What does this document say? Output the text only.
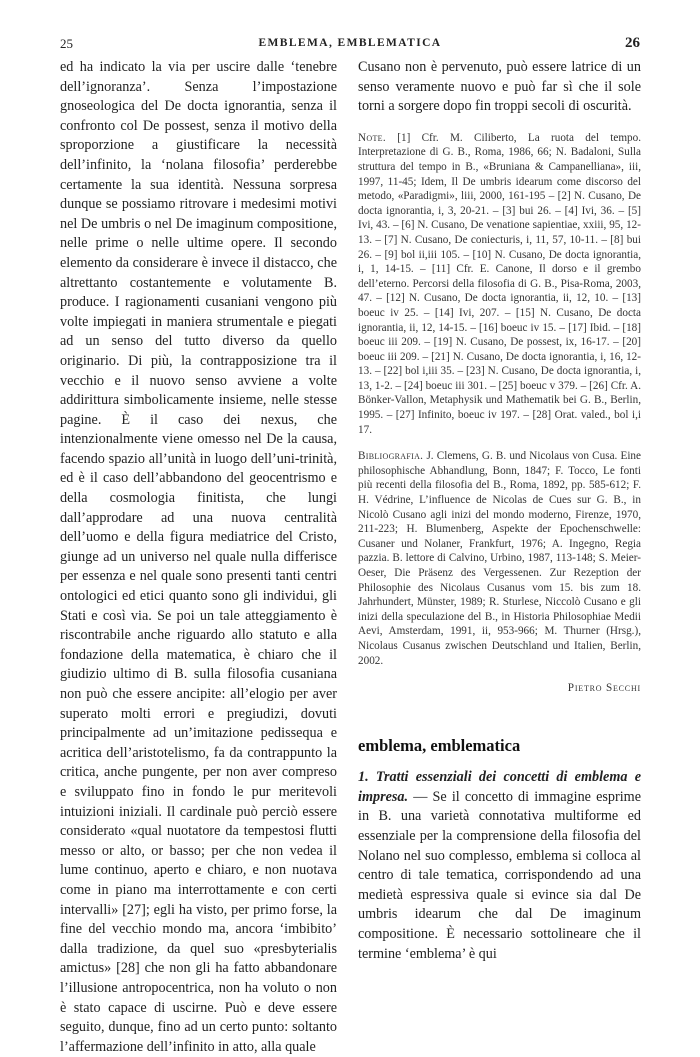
25	EMBLEMA, EMBLEMATICA	26

ed ha indicato la via per uscire dalle ‘tenebre dell’ignoranza’. Senza l’impostazione gnoseologica del De docta ignorantia, senza il confronto col De possest, senza il motivo della sproporzione a giustificare la necessità dell’infinito, la ‘nolana filosofia’ perderebbe certamente la sua identità. Nessuna sorpresa dunque se possiamo ritrovare i medesimi motivi nel De umbris o nel De imaginum compositione, nelle prime o nelle ultime opere. Il secondo elemento da considerare è invece il distacco, che altrettanto costantemente e volutamente B. produce. I ragionamenti cusaniani vengono più volte impiegati in maniera strumentale e piegati ad un senso del tutto diverso da quello originario. Di più, la contrapposizione tra il vecchio e il nuovo senso avviene a volte addirittura simbolicamente insieme, nelle stesse pagine. È il caso dei nexus, che intenzionalmente viene omesso nel De la causa, facendo spazio all’unità in luogo dell’uni-trinità, ed è il caso dell’abbandono del geocentrismo e della cosmologia finitista, che lungi dall’approdare ad una nuova centralità dell’uomo e della figura mediatrice del Cristo, giunge ad un universo nel quale nulla differisce per essenza e nel quale sono presenti tanti centri ontologici ed etici quanto sono gli individui, gli Stati e così via. Se poi un tale atteggiamento è riscontrabile anche riguardo allo statuto e alla fondazione della matematica, è chiaro che il giudizio ultimo di B. sulla filosofia cusaniana non può che essere ancipite: all’elogio per aver superato molti errori e pregiudizi, dovuti principalmente ad un’imitazione pedissequa e acritica dell’aristotelismo, fa da contrappunto la critica, anche pungente, per non aver compreso e sviluppato fino in fondo le pur meritevoli intuizioni iniziali. Il cardinale può perciò essere considerato «qual nuotatore da tempestosi flutti messo or alto, or basso; per che non vedea il lume continuo, aperto e chiaro, e non nuotava come in piano ma interrottamente e con certi intervalli» [27]; egli ha visto, per primo forse, la fine del vecchio mondo ma, ancora ‘imbibito’ dalla tradizione, da quel suo «presbyterialis amictus» [28] che non gli ha fatto abbandonare l’illusione antropocentrica, non ha voluto o non è stato capace di uscirne. Può e deve essere seguito, dunque, fino ad un certo punto: soltanto l’affermazione dell’infinito in atto, alla quale

Cusano non è pervenuto, può essere latrice di un senso veramente nuovo e può far sì che il sole torni a sorgere dopo fin troppi secoli di oscurità.

Note. [1] Cfr. M. Ciliberto, La ruota del tempo. Interpretazione di G. B., Roma, 1986, 66; N. Badaloni, Sulla struttura del tempo in B., «Bruniana & Campanelliana», iii, 1997, 11-45; Idem, Il De umbris idearum come discorso del metodo, «Paradigmi», liii, 2000, 161-195 – [2] N. Cusano, De docta ignorantia, i, 3, 20-21. – [3] bui 26. – [4] Ivi, 36. – [5] Ivi, 43. – [6] N. Cusano, De venatione sapientiae, xxiii, 95, 12-13. – [7] N. Cusano, De coniecturis, i, 11, 57, 10-11. – [8] bui 26. – [9] bol ii,iii 105. – [10] N. Cusano, De docta ignorantia, i, 1, 14-15. – [11] Cfr. E. Canone, Il dorso e il grembo dell’eterno. Percorsi della filosofia di G. B., Pisa-Roma, 2003, 47. – [12] N. Cusano, De docta ignorantia, ii, 12, 10. – [13] boeuc iv 25. – [14] Ivi, 207. – [15] N. Cusano, De docta ignorantia, ii, 12, 14-15. – [16] boeuc iv 15. – [17] Ibid. – [18] boeuc iii 209. – [19] N. Cusano, De possest, ix, 16-17. – [20] boeuc iii 209. – [21] N. Cusano, De docta ignorantia, i, 16, 12-13. – [22] bol i,iii 35. – [23] N. Cusano, De docta ignorantia, i, 13, 1-2. – [24] boeuc iii 301. – [25] boeuc v 379. – [26] Cfr. A. Bönker-Vallon, Metaphysik und Mathematik bei G. B., Berlin, 1995. – [27] Infinito, boeuc iv 197. – [28] Orat. valed., bol i,i 17.

Bibliografia. J. Clemens, G. B. und Nicolaus von Cusa. Eine philosophische Abhandlung, Bonn, 1847; F. Tocco, Le fonti più recenti della filosofia del B., Roma, 1892, pp. 585-612; F. H. Védrine, L’influence de Nicolas de Cues sur G. B., in Nicolò Cusano agli inizi del mondo moderno, Firenze, 1970, 211-223; H. Blumenberg, Aspekte der Epochenschwelle: Cusaner und Nolaner, Frankfurt, 1976; A. Ingegno, Regia pazzia. B. lettore di Calvino, Urbino, 1987, 113-148; S. Meier-Oeser, Die Präsenz des Vergessenen. Zur Rezeption der Philosophie des Nicolaus Cusanus vom 15. bis zum 18. Jahrhundert, Münster, 1989; R. Sturlese, Niccolò Cusano e gli inizi della speculazione del B., in Historia Philosophiae Medii Aevi, Amsterdam, 1991, ii, 953-966; M. Thurner (Hrsg.), Nicolaus Cusanus zwischen Deutschland und Italien, Berlin, 2002.

Pietro Secchi

emblema, emblematica

1. Tratti essenziali dei concetti di emblema e impresa. — Se il concetto di immagine esprime in B. una varietà connotativa multiforme ed essenziale per la comprensione della filosofia del Nolano nel suo complesso, emblema si colloca al centro di tale tematica, corrispondendo ad una medietà espressiva quale si evince sia dal De umbris idearum che dal De imaginum compositione. È necessario sottolineare che il termine ‘emblema’ è qui
